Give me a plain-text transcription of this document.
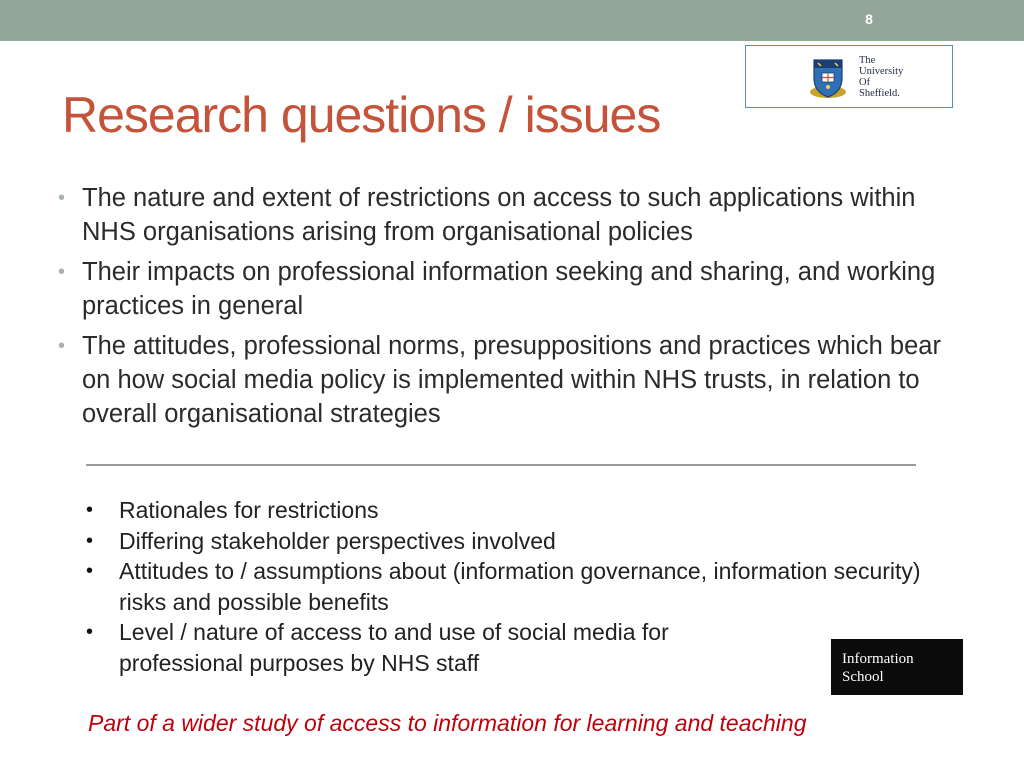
8
The
University
Of
Sheffield.
Research questions / issues
• The nature and extent of restrictions on access to such applications within NHS organisations arising from organisational policies
• Their impacts on professional information seeking and sharing, and working practices in general
• The attitudes, professional norms, presuppositions and practices which bear on how social media policy is implemented within NHS trusts, in relation to overall organisational strategies
• Rationales for restrictions
• Differing stakeholder perspectives involved
• Attitudes to / assumptions about (information governance, information security) risks and possible benefits
• Level / nature of access to and use of social media for professional purposes by NHS staff	Information
School

Part of a wider study of access to information for learning and teaching
